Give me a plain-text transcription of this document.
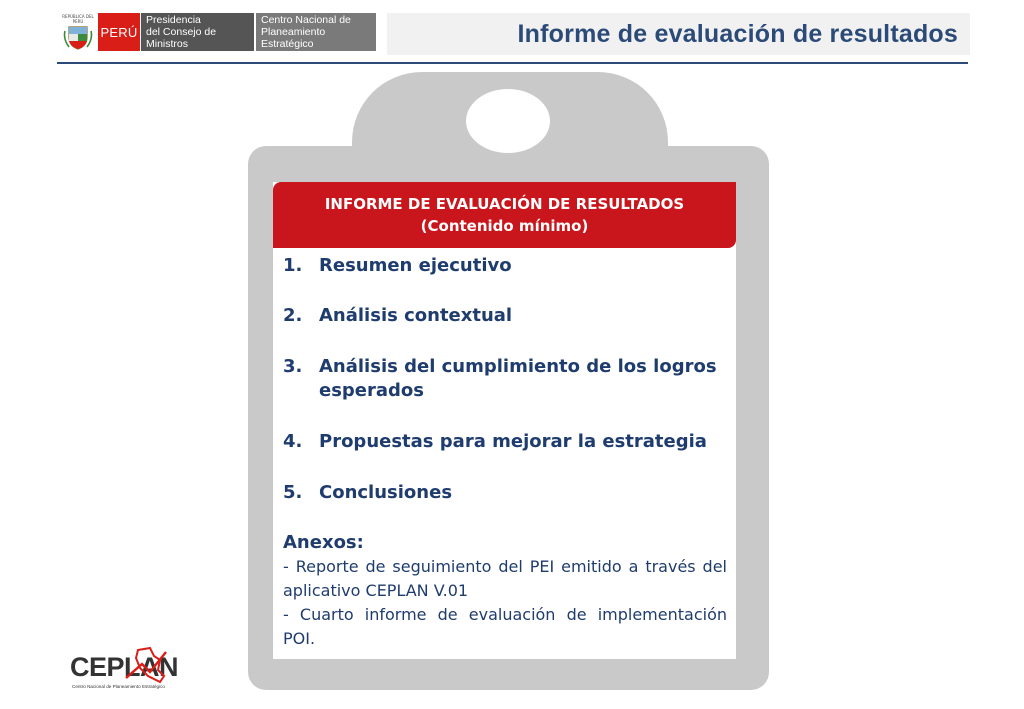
REPÚBLICA DEL PERÚ
PERÚ
Presidencia
del Consejo de Ministros
Centro Nacional de
Planeamiento Estratégico	Informe de evaluación de resultados
INFORME DE EVALUACIÓN DE RESULTADOS
(Contenido mínimo)
1. Resumen ejecutivo
2. Análisis contextual
3. Análisis del cumplimiento de los logros esperados
4. Propuestas para mejorar la estrategia
5. Conclusiones
Anexos:
- Reporte de seguimiento del PEI emitido a través del aplicativo CEPLAN V.01
- Cuarto informe de evaluación de implementación POI.
CEPLAN
Centro Nacional de Planeamiento Estratégico
